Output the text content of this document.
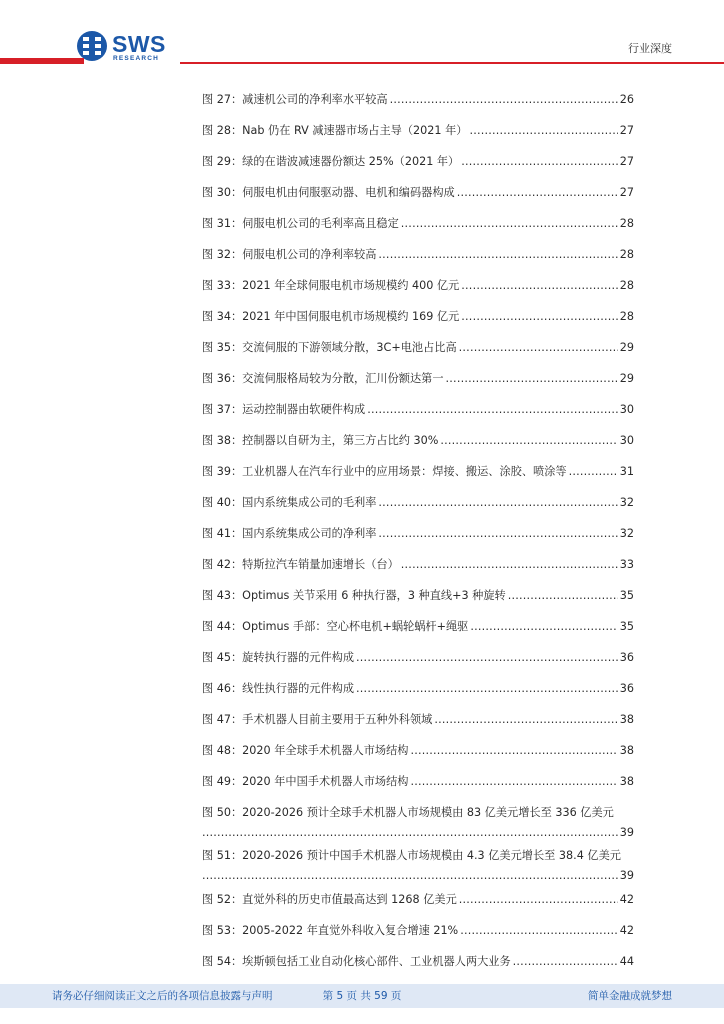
SWS
RESEARCH
行业深度
图 27：减速机公司的净利率水平较高 .....	26
图 28：Nab 仍在 RV 减速器市场占主导（2021 年） .....	27
图 29：绿的在谐波减速器份额达 25%（2021 年） .....	27
图 30：伺服电机由伺服驱动器、电机和编码器构成 .....	27
图 31：伺服电机公司的毛利率高且稳定 .....	28
图 32：伺服电机公司的净利率较高 .....	28
图 33：2021 年全球伺服电机市场规模约 400 亿元 .....	28
图 34：2021 年中国伺服电机市场规模约 169 亿元 .....	28
图 35：交流伺服的下游领域分散，3C+电池占比高 .....	29
图 36：交流伺服格局较为分散，汇川份额达第一 .....	29
图 37：运动控制器由软硬件构成 .....	30
图 38：控制器以自研为主，第三方占比约 30% .....	30
图 39：工业机器人在汽车行业中的应用场景：焊接、搬运、涂胶、喷涂等 .....	31
图 40：国内系统集成公司的毛利率 .....	32
图 41：国内系统集成公司的净利率 .....	32
图 42：特斯拉汽车销量加速增长（台） .....	33
图 43：Optimus 关节采用 6 种执行器，3 种直线+3 种旋转 .....	35
图 44：Optimus 手部：空心杯电机+蜗轮蜗杆+绳驱 .....	35
图 45：旋转执行器的元件构成 .....	36
图 46：线性执行器的元件构成 .....	36
图 47：手术机器人目前主要用于五种外科领域 .....	38
图 48：2020 年全球手术机器人市场结构 .....	38
图 49：2020 年中国手术机器人市场结构 .....	38
图 50：2020-2026 预计全球手术机器人市场规模由 83 亿美元增长至 336 亿美元
.....
39
图 51：2020-2026 预计中国手术机器人市场规模由 4.3 亿美元增长至 38.4 亿美元
.....
39
图 52：直觉外科的历史市值最高达到 1268 亿美元 .....	42
图 53：2005-2022 年直觉外科收入复合增速 21% .....	42
图 54：埃斯顿包括工业自动化核心部件、工业机器人两大业务 .....	44
请务必仔细阅读正文之后的各项信息披露与声明	第 5 页 共 59 页	简单金融成就梦想
